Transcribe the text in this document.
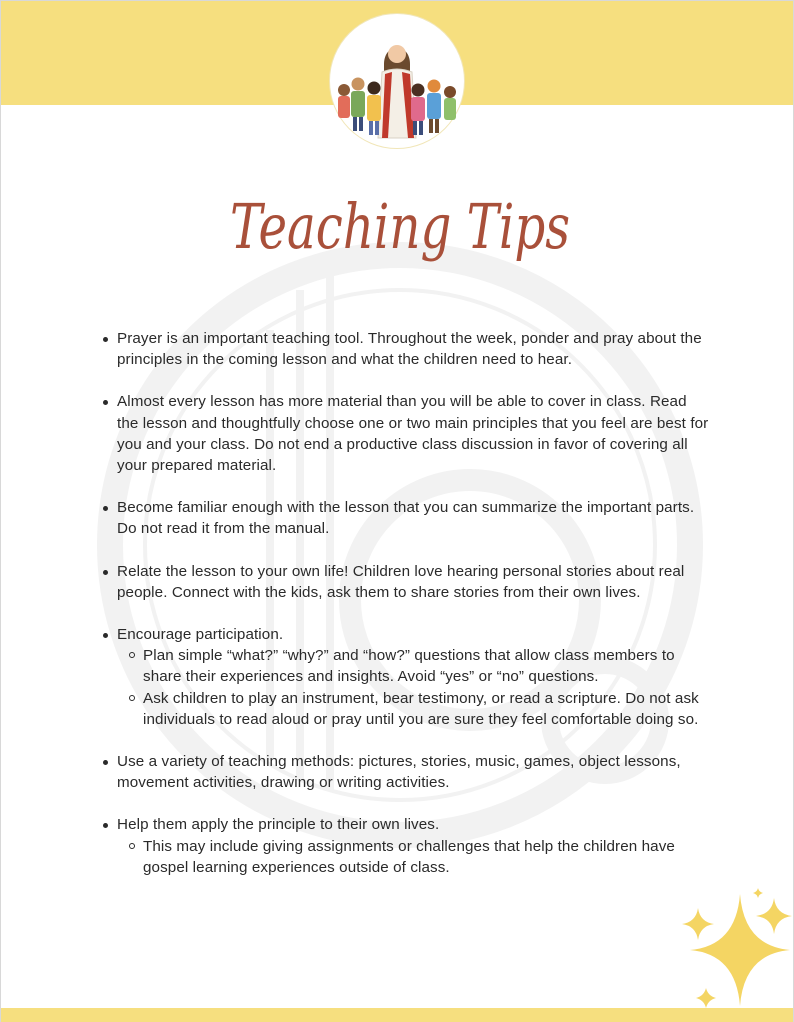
Teaching Tips
Prayer is an important teaching tool. Throughout the week, ponder and pray about the principles in the coming lesson and what the children need to hear.
Almost every lesson has more material than you will be able to cover in class. Read the lesson and thoughtfully choose one or two main principles that you feel are best for you and your class. Do not end a productive class discussion in favor of covering all your prepared material.
Become familiar enough with the lesson that you can summarize the important parts. Do not read it from the manual.
Relate the lesson to your own life! Children love hearing personal stories about real people. Connect with the kids, ask them to share stories from their own lives.
Encourage participation.
Plan simple “what?” “why?” and “how?” questions that allow class members to share their experiences and insights. Avoid “yes” or “no” questions.
Ask children to play an instrument, bear testimony, or read a scripture. Do not ask individuals to read aloud or pray until you are sure they feel comfortable doing so.
Use a variety of teaching methods: pictures, stories, music, games, object lessons, movement activities, drawing or writing activities.
Help them apply the principle to their own lives.
This may include giving assignments or challenges that help the children have gospel learning experiences outside of class.
